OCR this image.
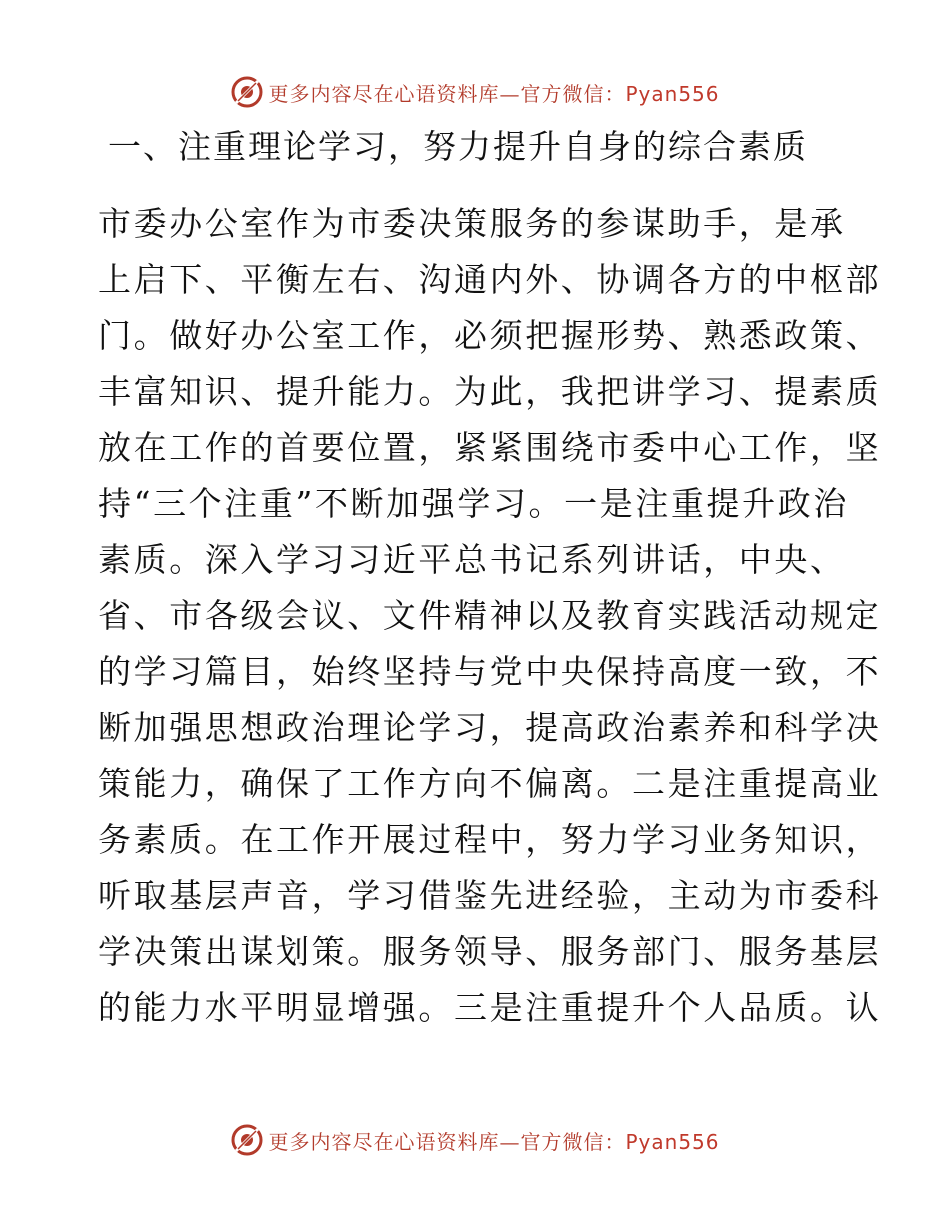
更多内容尽在心语资料库—官方微信：Pyan556
一、注重理论学习，努力提升自身的综合素质
市委办公室作为市委决策服务的参谋助手，是承
上启下、平衡左右、沟通内外、协调各方的中枢部
门。做好办公室工作，必须把握形势、熟悉政策、
丰富知识、提升能力。为此，我把讲学习、提素质
放在工作的首要位置，紧紧围绕市委中心工作，坚
持“三个注重”不断加强学习。一是注重提升政治
素质。深入学习习近平总书记系列讲话，中央、
省、市各级会议、文件精神以及教育实践活动规定
的学习篇目，始终坚持与党中央保持高度一致，不
断加强思想政治理论学习，提高政治素养和科学决
策能力，确保了工作方向不偏离。二是注重提高业
务素质。在工作开展过程中，努力学习业务知识，
听取基层声音，学习借鉴先进经验，主动为市委科
学决策出谋划策。服务领导、服务部门、服务基层
的能力水平明显增强。三是注重提升个人品质。认
更多内容尽在心语资料库—官方微信：Pyan556
